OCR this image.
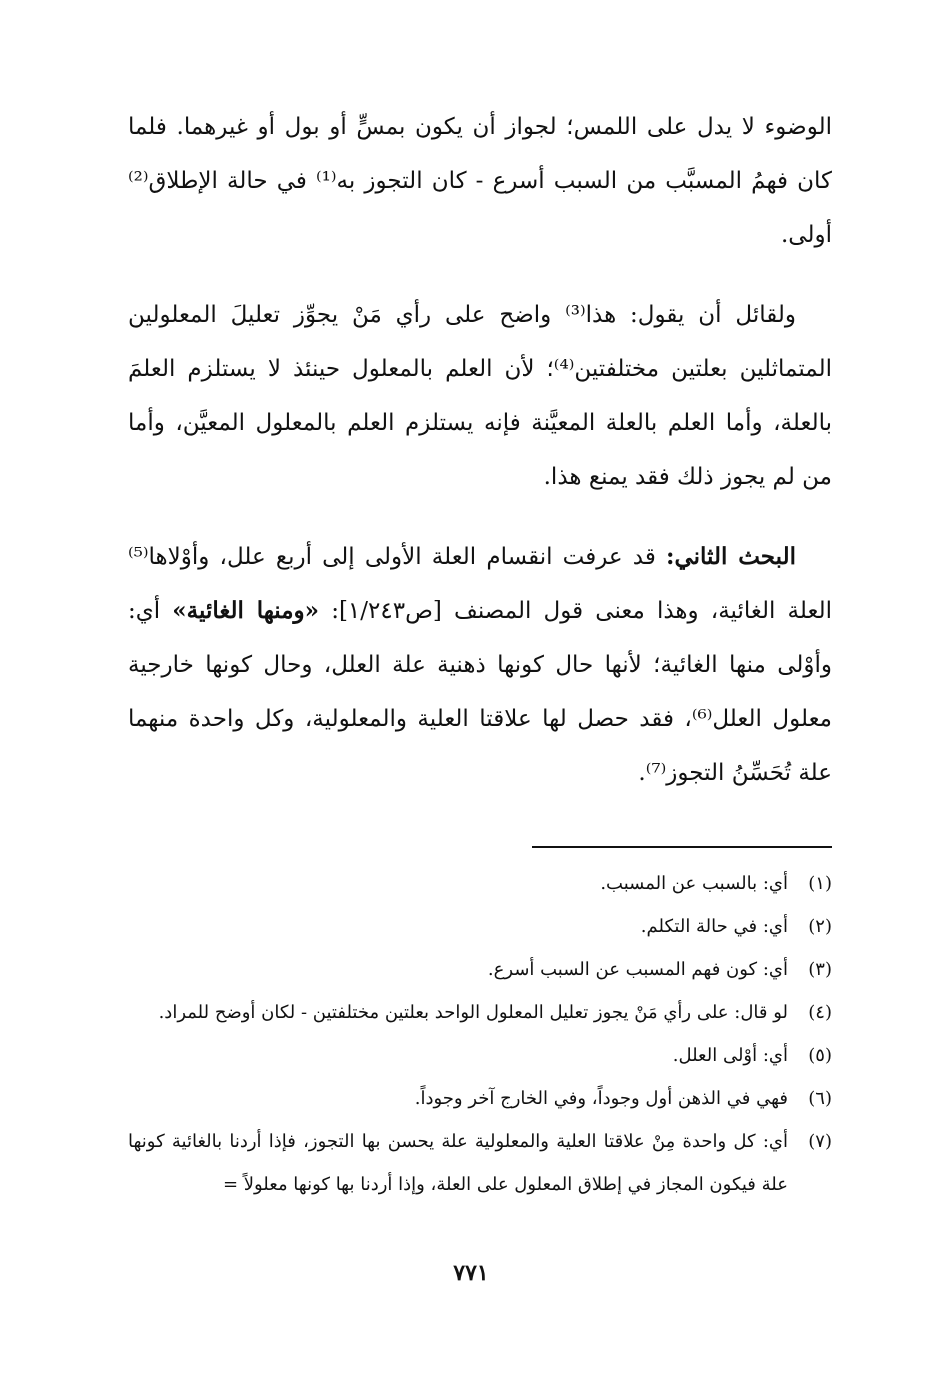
الوضوء لا يدل على اللمس؛ لجواز أن يكون بمسٍّ أو بول أو غيرهما. فلما كان فهمُ المسبَّب من السبب أسرع - كان التجوز به⁽¹⁾ في حالة الإطلاق⁽²⁾ أولى.

ولقائل أن يقول: هذا⁽³⁾ واضح على رأي مَنْ يجوِّز تعليلَ المعلولين المتماثلين بعلتين مختلفتين⁽⁴⁾؛ لأن العلم بالمعلول حينئذ لا يستلزم العلمَ بالعلة، وأما العلم بالعلة المعيَّنة فإنه يستلزم العلم بالمعلول المعيَّن، وأما من لم يجوز ذلك فقد يمنع هذا.

البحث الثاني: قد عرفت انقسام العلة الأولى إلى أربع علل، وأوْلاها⁽⁵⁾ العلة الغائية، وهذا معنى قول المصنف [ص١/٢٤٣]: «ومنها الغائية» أي: وأوْلى منها الغائية؛ لأنها حال كونها ذهنية علة العلل، وحال كونها خارجية معلول العلل⁽⁶⁾، فقد حصل لها علاقتا العلية والمعلولية، وكل واحدة منهما علة تُحَسِّنُ التجوز⁽⁷⁾.

(١)
أي: بالسبب عن المسبب.
(٢)
أي: في حالة التكلم.
(٣)
أي: كون فهم المسبب عن السبب أسرع.
(٤)
لو قال: على رأي مَنْ يجوز تعليل المعلول الواحد بعلتين مختلفتين - لكان أوضح للمراد.
(٥)
أي: أوْلى العلل.
(٦)
فهي في الذهن أول وجوداً، وفي الخارج آخر وجوداً.
(٧)
أي: كل واحدة مِنْ علاقتا العلية والمعلولية علة يحسن بها التجوز، فإذا أردنا بالغائية كونها علة فيكون المجاز في إطلاق المعلول على العلة، وإذا أردنا بها كونها معلولاً =
٧٧١
